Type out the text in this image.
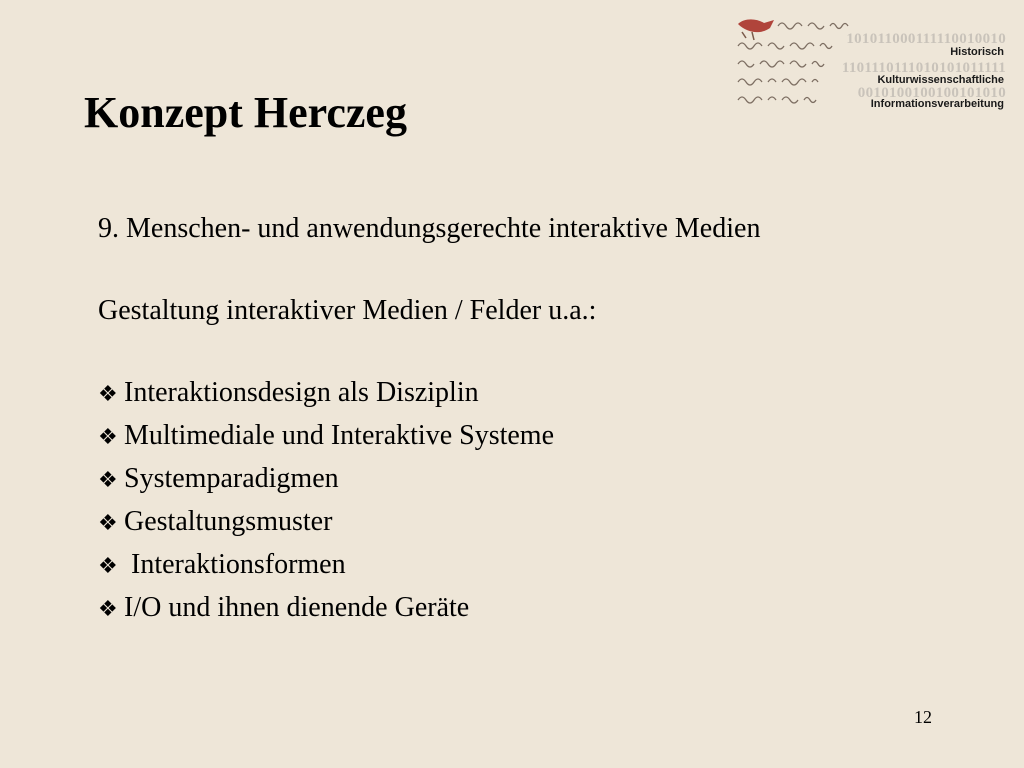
101011000111110010010
Historisch
1101110111010101011111
Kulturwissenschaftliche
0010100100100101010
Informationsverarbeitung
Konzept Herczeg
9. Menschen- und anwendungsgerechte interaktive Medien
Gestaltung interaktiver Medien / Felder u.a.:
❖ Interaktionsdesign als Disziplin
❖ Multimediale und Interaktive Systeme
❖ Systemparadigmen
❖ Gestaltungsmuster
❖ Interaktionsformen
❖ I/O und ihnen dienende Geräte
12
